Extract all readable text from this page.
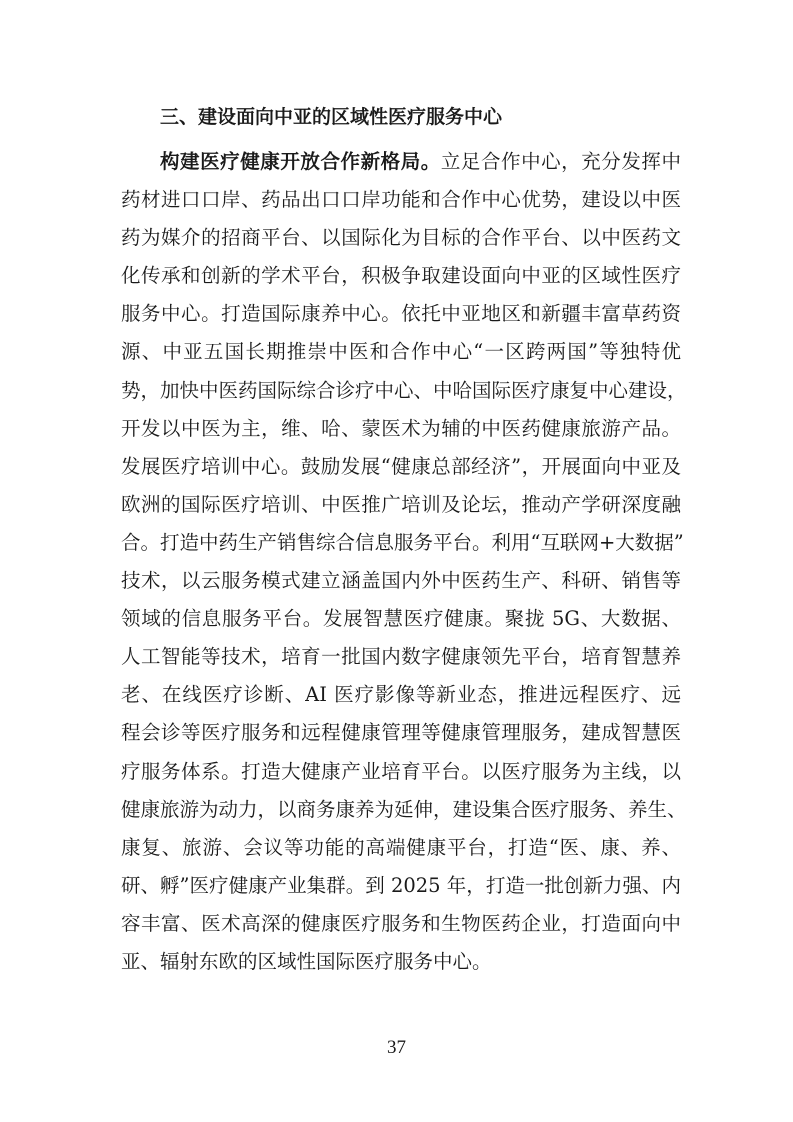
三、建设面向中亚的区域性医疗服务中心
构建医疗健康开放合作新格局。立足合作中心，充分发挥中
药材进口口岸、药品出口口岸功能和合作中心优势，建设以中医
药为媒介的招商平台、以国际化为目标的合作平台、以中医药文
化传承和创新的学术平台，积极争取建设面向中亚的区域性医疗
服务中心。打造国际康养中心。依托中亚地区和新疆丰富草药资
源、中亚五国长期推崇中医和合作中心“一区跨两国”等独特优
势，加快中医药国际综合诊疗中心、中哈国际医疗康复中心建设，
开发以中医为主，维、哈、蒙医术为辅的中医药健康旅游产品。
发展医疗培训中心。鼓励发展“健康总部经济”，开展面向中亚及
欧洲的国际医疗培训、中医推广培训及论坛，推动产学研深度融
合。打造中药生产销售综合信息服务平台。利用“互联网+大数据”
技术，以云服务模式建立涵盖国内外中医药生产、科研、销售等
领域的信息服务平台。发展智慧医疗健康。聚拢 5G、大数据、
人工智能等技术，培育一批国内数字健康领先平台，培育智慧养
老、在线医疗诊断、AI 医疗影像等新业态，推进远程医疗、远
程会诊等医疗服务和远程健康管理等健康管理服务，建成智慧医
疗服务体系。打造大健康产业培育平台。以医疗服务为主线，以
健康旅游为动力，以商务康养为延伸，建设集合医疗服务、养生、
康复、旅游、会议等功能的高端健康平台，打造“医、康、养、
研、孵”医疗健康产业集群。到 2025 年，打造一批创新力强、内
容丰富、医术高深的健康医疗服务和生物医药企业，打造面向中
亚、辐射东欧的区域性国际医疗服务中心。
37
